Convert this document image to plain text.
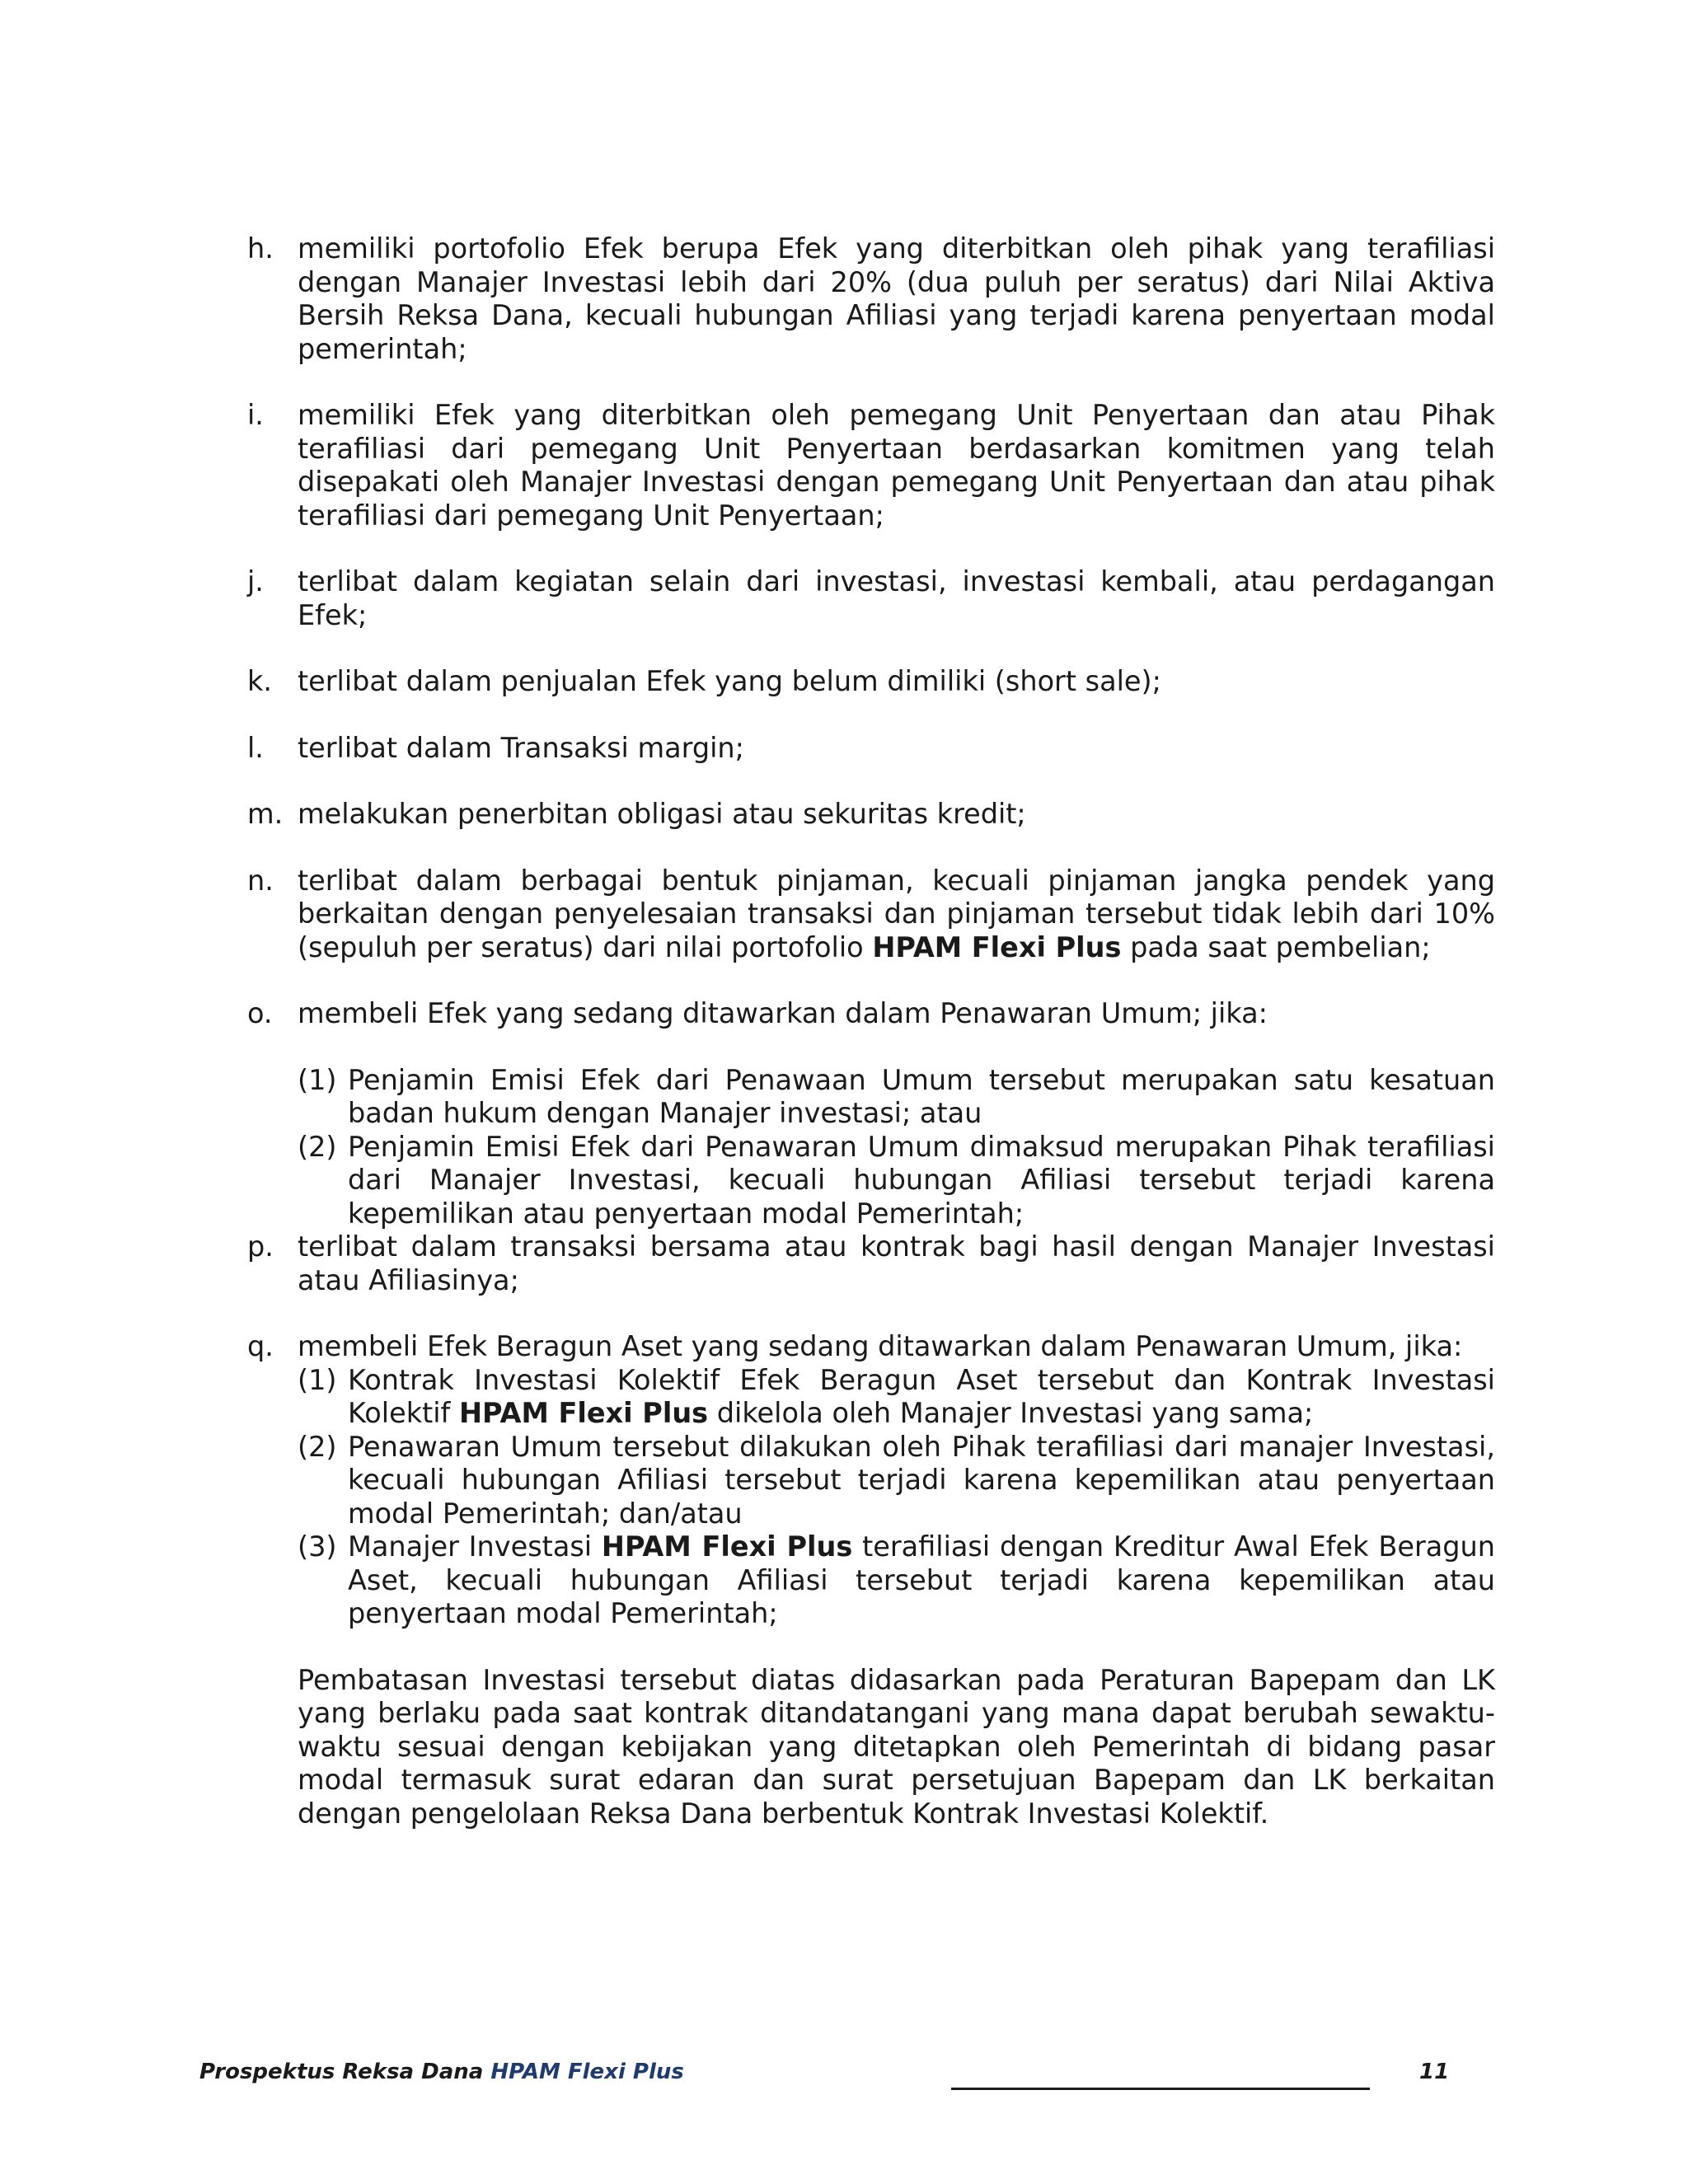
h. memiliki portofolio Efek berupa Efek yang diterbitkan oleh pihak yang terafiliasi dengan Manajer Investasi lebih dari 20% (dua puluh per seratus) dari Nilai Aktiva Bersih Reksa Dana, kecuali hubungan Afiliasi yang terjadi karena penyertaan modal pemerintah;
i.	memiliki Efek yang diterbitkan oleh pemegang Unit Penyertaan dan atau Pihak terafiliasi dari pemegang Unit Penyertaan berdasarkan komitmen yang telah disepakati oleh Manajer Investasi dengan pemegang Unit Penyertaan dan atau pihak terafiliasi dari pemegang Unit Penyertaan;
j.	terlibat dalam kegiatan selain dari investasi, investasi kembali, atau perdagangan Efek;
k. terlibat dalam penjualan Efek yang belum dimiliki (short sale);
l.	terlibat dalam Transaksi margin;
m. melakukan penerbitan obligasi atau sekuritas kredit;
n. terlibat dalam berbagai bentuk pinjaman, kecuali pinjaman jangka pendek yang berkaitan dengan penyelesaian transaksi dan pinjaman tersebut tidak lebih dari 10% (sepuluh per seratus) dari nilai portofolio HPAM Flexi Plus pada saat pembelian;
o. membeli Efek yang sedang ditawarkan dalam Penawaran Umum; jika:
(1) Penjamin Emisi Efek dari Penawaan Umum tersebut merupakan satu kesatuan badan hukum dengan Manajer investasi; atau
(2) Penjamin Emisi Efek dari Penawaran Umum dimaksud merupakan Pihak terafiliasi dari Manajer Investasi, kecuali hubungan Afiliasi tersebut terjadi karena kepemilikan atau penyertaan modal Pemerintah;
p. terlibat dalam transaksi bersama atau kontrak bagi hasil dengan Manajer Investasi atau Afiliasinya;
q. membeli Efek Beragun Aset yang sedang ditawarkan dalam Penawaran Umum, jika:
(1) Kontrak Investasi Kolektif Efek Beragun Aset tersebut dan Kontrak Investasi Kolektif HPAM Flexi Plus dikelola oleh Manajer Investasi yang sama;
(2) Penawaran Umum tersebut dilakukan oleh Pihak terafiliasi dari manajer Investasi, kecuali hubungan Afiliasi tersebut terjadi karena kepemilikan atau penyertaan modal Pemerintah; dan/atau
(3) Manajer Investasi HPAM Flexi Plus terafiliasi dengan Kreditur Awal Efek Beragun Aset, kecuali hubungan Afiliasi tersebut terjadi karena kepemilikan atau penyertaan modal Pemerintah;
Pembatasan Investasi tersebut diatas didasarkan pada Peraturan Bapepam dan LK yang berlaku pada saat kontrak ditandatangani yang mana dapat berubah sewaktu-waktu sesuai dengan kebijakan yang ditetapkan oleh Pemerintah di bidang pasar modal termasuk surat edaran dan surat persetujuan Bapepam dan LK berkaitan dengan pengelolaan Reksa Dana berbentuk Kontrak Investasi Kolektif.
Prospektus Reksa Dana HPAM Flexi Plus	11
